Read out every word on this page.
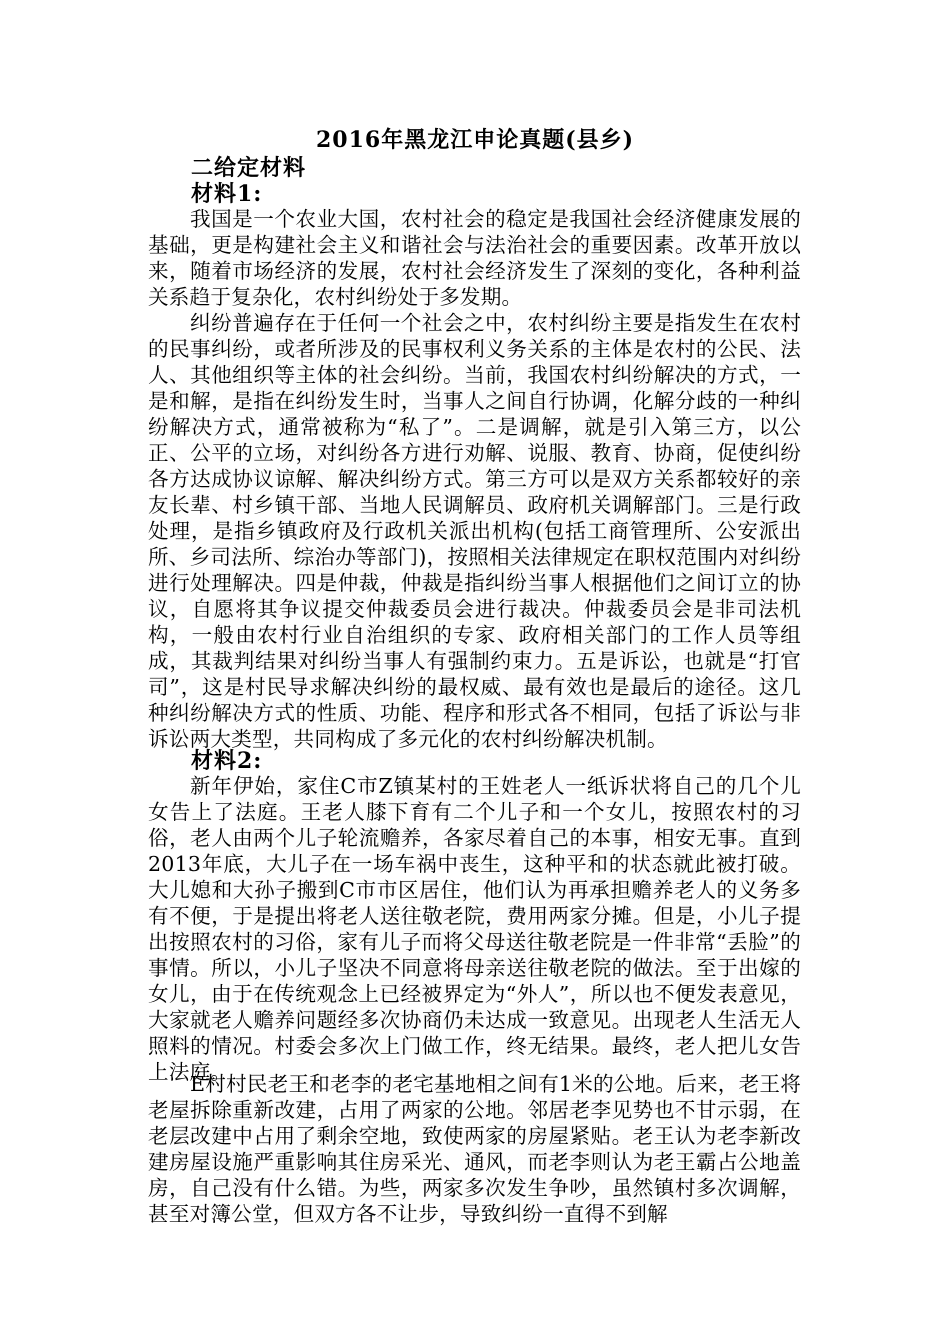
2016年黑龙江申论真题(县乡)
二给定材料
材料1:

我国是一个农业大国，农村社会的稳定是我国社会经济健康发展的基础，更是构建社会主义和谐社会与法治社会的重要因素。改革开放以来，随着市场经济的发展，农村社会经济发生了深刻的变化，各种利益关系趋于复杂化，农村纠纷处于多发期。

纠纷普遍存在于任何一个社会之中，农村纠纷主要是指发生在农村的民事纠纷，或者所涉及的民事权利义务关系的主体是农村的公民、法人、其他组织等主体的社会纠纷。当前，我国农村纠纷解决的方式，一是和解，是指在纠纷发生时，当事人之间自行协调，化解分歧的一种纠纷解决方式，通常被称为“私了”。二是调解，就是引入第三方，以公正、公平的立场，对纠纷各方进行劝解、说服、教育、协商，促使纠纷各方达成协议谅解、解决纠纷方式。第三方可以是双方关系都较好的亲友长辈、村乡镇干部、当地人民调解员、政府机关调解部门。三是行政处理，是指乡镇政府及行政机关派出机构(包括工商管理所、公安派出所、乡司法所、综治办等部门)，按照相关法律规定在职权范围内对纠纷进行处理解决。四是仲裁，仲裁是指纠纷当事人根据他们之间订立的协议，自愿将其争议提交仲裁委员会进行裁决。仲裁委员会是非司法机构，一般由农村行业自治组织的专家、政府相关部门的工作人员等组成，其裁判结果对纠纷当事人有强制约束力。五是诉讼，也就是“打官司”，这是村民导求解决纠纷的最权威、最有效也是最后的途径。这几种纠纷解决方式的性质、功能、程序和形式各不相同，包括了诉讼与非诉讼两大类型，共同构成了多元化的农村纠纷解决机制。

材料2:

新年伊始，家住C市Z镇某村的王姓老人一纸诉状将自己的几个儿女告上了法庭。王老人膝下育有二个儿子和一个女儿，按照农村的习俗，老人由两个儿子轮流赡养，各家尽着自己的本事，相安无事。直到2013年底，大儿子在一场车祸中丧生，这种平和的状态就此被打破。大儿媳和大孙子搬到C市市区居住，他们认为再承担赡养老人的义务多有不便，于是提出将老人送往敬老院，费用两家分摊。但是，小儿子提出按照农村的习俗，家有儿子而将父母送往敬老院是一件非常“丢脸”的事情。所以，小儿子坚决不同意将母亲送往敬老院的做法。至于出嫁的女儿，由于在传统观念上已经被界定为“外人”，所以也不便发表意见，大家就老人赡养问题经多次协商仍未达成一致意见。出现老人生活无人照料的情况。村委会多次上门做工作，终无结果。最终，老人把儿女告上法庭。

E村村民老王和老李的老宅基地相之间有1米的公地。后来，老王将老屋拆除重新改建，占用了两家的公地。邻居老李见势也不甘示弱，在老层改建中占用了剩余空地，致使两家的房屋紧贴。老王认为老李新改建房屋设施严重影响其住房采光、通风，而老李则认为老王霸占公地盖房，自己没有什么错。为些，两家多次发生争吵，虽然镇村多次调解，甚至对簿公堂，但双方各不让步，导致纠纷一直得不到解
